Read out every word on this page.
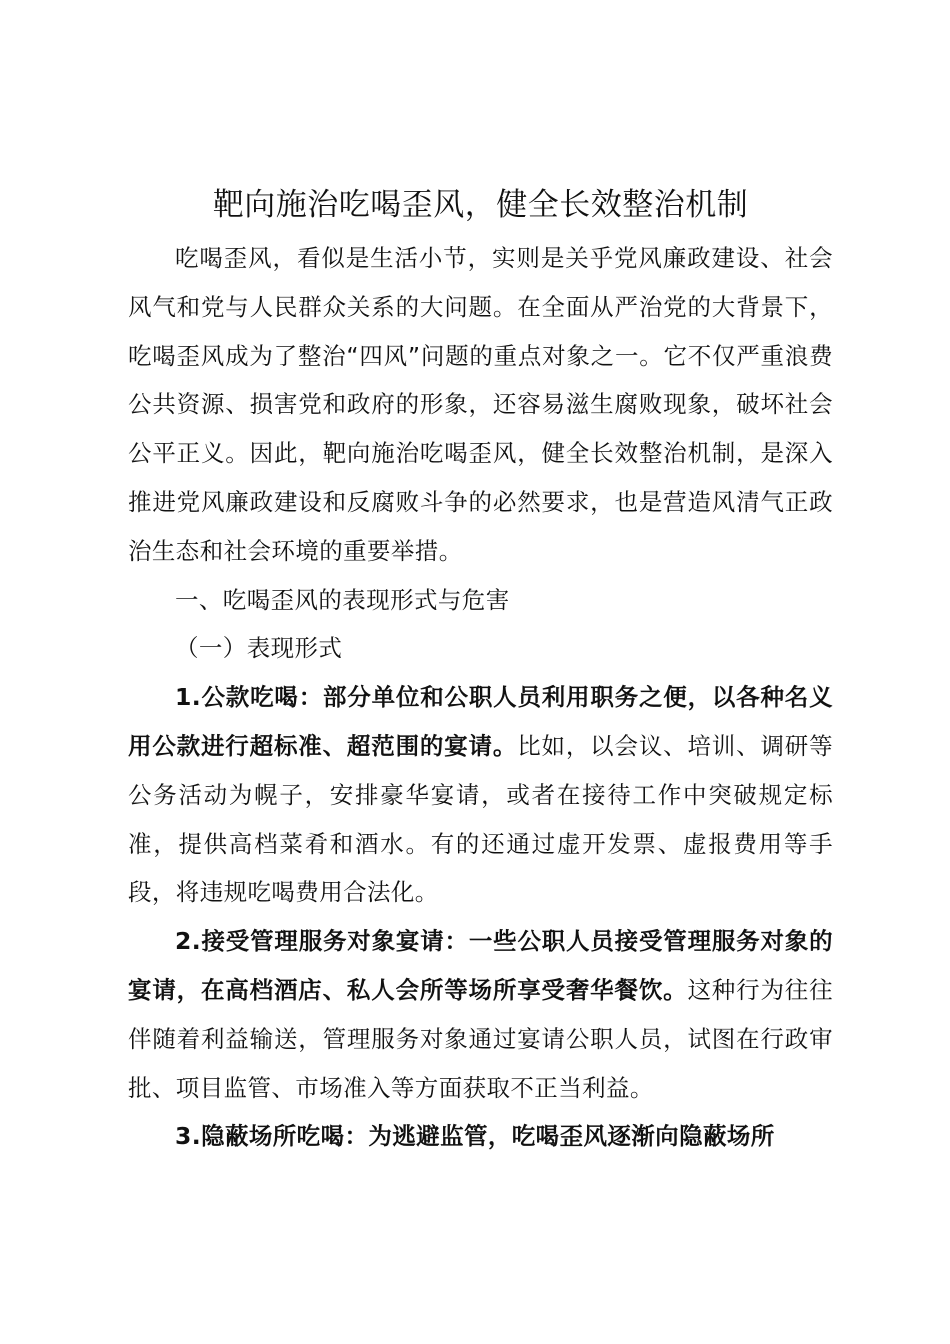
靶向施治吃喝歪风，健全长效整治机制

吃喝歪风，看似是生活小节，实则是关乎党风廉政建设、社会风气和党与人民群众关系的大问题。在全面从严治党的大背景下，吃喝歪风成为了整治“四风”问题的重点对象之一。它不仅严重浪费公共资源、损害党和政府的形象，还容易滋生腐败现象，破坏社会公平正义。因此，靶向施治吃喝歪风，健全长效整治机制，是深入推进党风廉政建设和反腐败斗争的必然要求，也是营造风清气正政治生态和社会环境的重要举措。

一、吃喝歪风的表现形式与危害

（一）表现形式

1.公款吃喝：部分单位和公职人员利用职务之便，以各种名义用公款进行超标准、超范围的宴请。比如，以会议、培训、调研等公务活动为幌子，安排豪华宴请，或者在接待工作中突破规定标准，提供高档菜肴和酒水。有的还通过虚开发票、虚报费用等手段，将违规吃喝费用合法化。

2.接受管理服务对象宴请：一些公职人员接受管理服务对象的宴请，在高档酒店、私人会所等场所享受奢华餐饮。这种行为往往伴随着利益输送，管理服务对象通过宴请公职人员，试图在行政审批、项目监管、市场准入等方面获取不正当利益。

3.隐蔽场所吃喝：为逃避监管，吃喝歪风逐渐向隐蔽场所
